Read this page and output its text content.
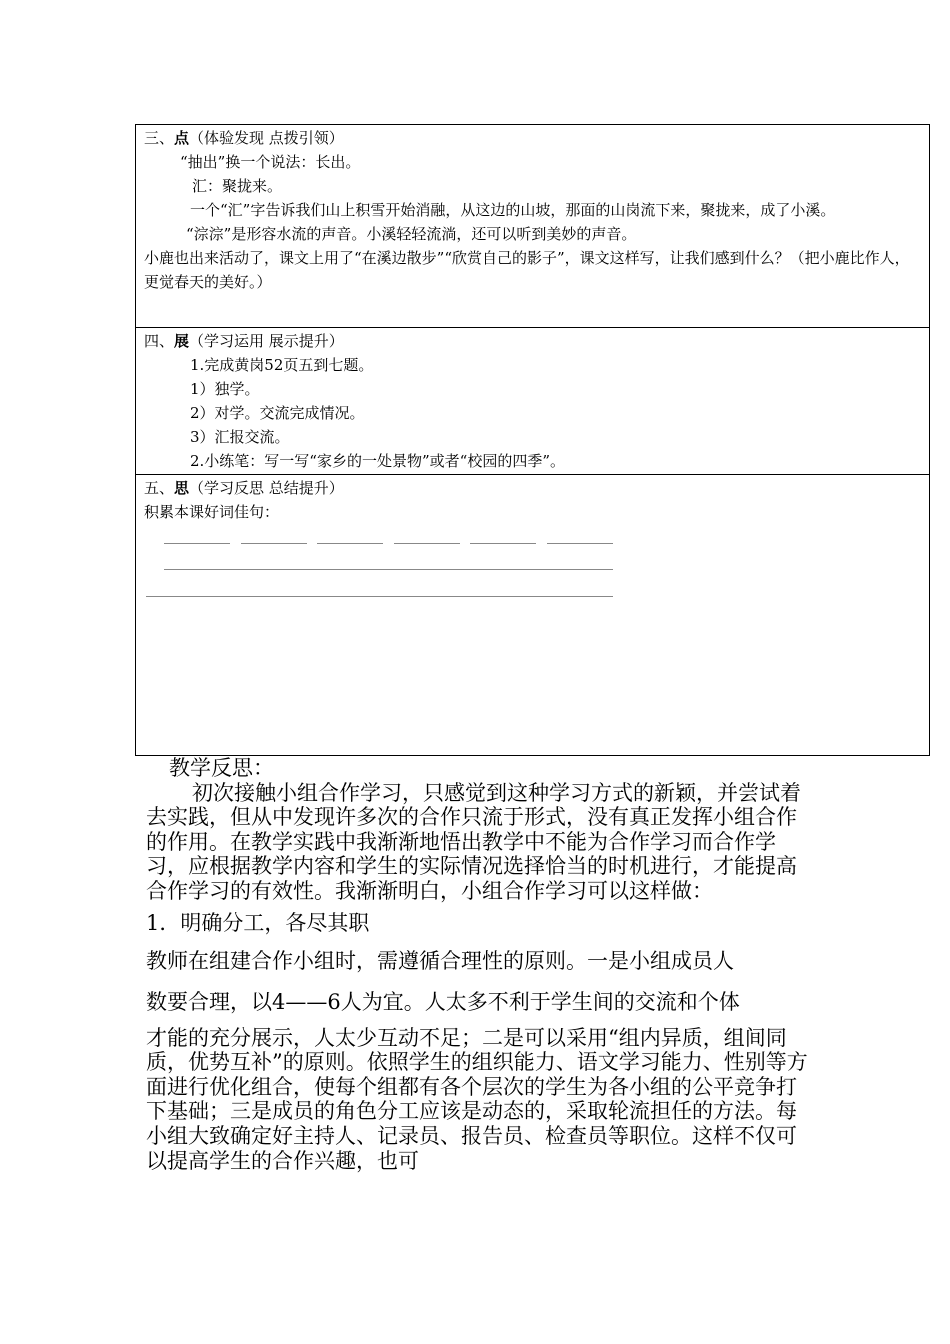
三、点（体验发现 点拨引领）

“抽出”换一个说法：长出。

汇：聚拢来。

一个“汇”字告诉我们山上积雪开始消融，从这边的山坡，那面的山岗流下来，聚拢来，成了小溪。

“淙淙”是形容水流的声音。小溪轻轻流淌，还可以听到美妙的声音。

小鹿也出来活动了，课文上用了“在溪边散步”“欣赏自己的影子”，课文这样写，让我们感到什么？（把小鹿比作人，更觉春天的美好。）

四、展（学习运用 展示提升）

1.完成黄岗52页五到七题。

1）独学。

2）对学。交流完成情况。

3）汇报交流。

2.小练笔：写一写“家乡的一处景物”或者“校园的四季”。

五、思（学习反思 总结提升）

积累本课好词佳句：

教学反思：

初次接触小组合作学习，只感觉到这种学习方式的新颖，并尝试着去实践，但从中发现许多次的合作只流于形式，没有真正发挥小组合作的作用。在教学实践中我渐渐地悟出教学中不能为合作学习而合作学习，应根据教学内容和学生的实际情况选择恰当的时机进行，才能提高合作学习的有效性。我渐渐明白，小组合作学习可以这样做：

1．明确分工，各尽其职

教师在组建合作小组时，需遵循合理性的原则。一是小组成员人

数要合理，以4——6人为宜。人太多不利于学生间的交流和个体

才能的充分展示，人太少互动不足；二是可以采用“组内异质，组间同质，优势互补”的原则。依照学生的组织能力、语文学习能力、性别等方面进行优化组合，使每个组都有各个层次的学生为各小组的公平竞争打下基础；三是成员的角色分工应该是动态的，采取轮流担任的方法。每小组大致确定好主持人、记录员、报告员、检查员等职位。这样不仅可以提高学生的合作兴趣，也可
